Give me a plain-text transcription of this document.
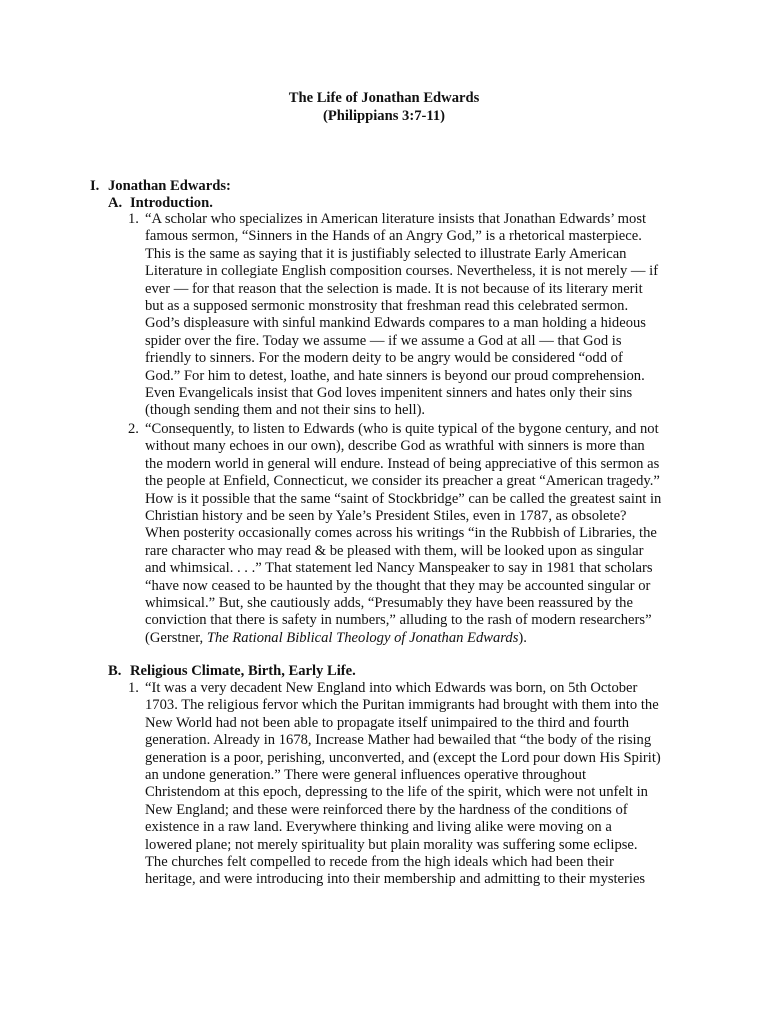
The Life of Jonathan Edwards
(Philippians 3:7-11)
I. Jonathan Edwards:
A. Introduction.
1. “A scholar who specializes in American literature insists that Jonathan Edwards’ most
famous sermon, “Sinners in the Hands of an Angry God,” is a rhetorical masterpiece.
This is the same as saying that it is justifiably selected to illustrate Early American
Literature in collegiate English composition courses. Nevertheless, it is not merely — if
ever — for that reason that the selection is made. It is not because of its literary merit
but as a supposed sermonic monstrosity that freshman read this celebrated sermon.
God’s displeasure with sinful mankind Edwards compares to a man holding a hideous
spider over the fire. Today we assume — if we assume a God at all — that God is
friendly to sinners. For the modern deity to be angry would be considered “odd of
God.” For him to detest, loathe, and hate sinners is beyond our proud comprehension.
Even Evangelicals insist that God loves impenitent sinners and hates only their sins
(though sending them and not their sins to hell).
2. “Consequently, to listen to Edwards (who is quite typical of the bygone century, and not
without many echoes in our own), describe God as wrathful with sinners is more than
the modern world in general will endure. Instead of being appreciative of this sermon as
the people at Enfield, Connecticut, we consider its preacher a great “American tragedy.”
How is it possible that the same “saint of Stockbridge” can be called the greatest saint in
Christian history and be seen by Yale’s President Stiles, even in 1787, as obsolete?
When posterity occasionally comes across his writings “in the Rubbish of Libraries, the
rare character who may read & be pleased with them, will be looked upon as singular
and whimsical. . . .” That statement led Nancy Manspeaker to say in 1981 that scholars
“have now ceased to be haunted by the thought that they may be accounted singular or
whimsical.” But, she cautiously adds, “Presumably they have been reassured by the
conviction that there is safety in numbers,” alluding to the rash of modern researchers”
(Gerstner, The Rational Biblical Theology of Jonathan Edwards).
B. Religious Climate, Birth, Early Life.
1. “It was a very decadent New England into which Edwards was born, on 5th October
1703. The religious fervor which the Puritan immigrants had brought with them into the
New World had not been able to propagate itself unimpaired to the third and fourth
generation. Already in 1678, Increase Mather had bewailed that “the body of the rising
generation is a poor, perishing, unconverted, and (except the Lord pour down His Spirit)
an undone generation.” There were general influences operative throughout
Christendom at this epoch, depressing to the life of the spirit, which were not unfelt in
New England; and these were reinforced there by the hardness of the conditions of
existence in a raw land. Everywhere thinking and living alike were moving on a
lowered plane; not merely spirituality but plain morality was suffering some eclipse.
The churches felt compelled to recede from the high ideals which had been their
heritage, and were introducing into their membership and admitting to their mysteries
